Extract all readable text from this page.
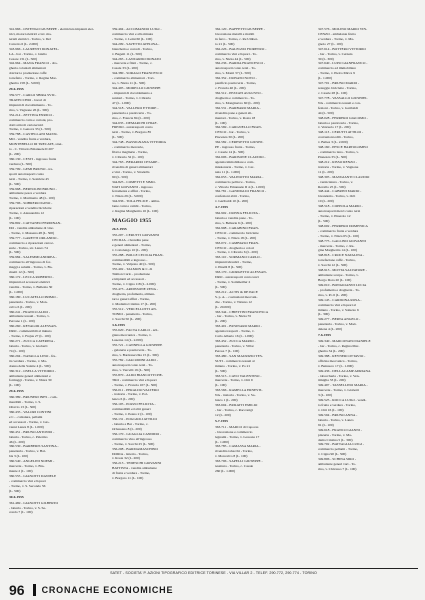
341.966 - OSTENGO GIUSEPPE - elettricista impianti elet-
trici, motori elettrici e lav. ma-
teriali elettrici - Torino, v. Del
Carretto 6 (L. 2.000)
343.966 - LAURENTI DONATEL-
LA - bar - Torino, c. Giulio
Cesare 131 (L. 500)
342.964 - MANA FRANCO - dro-
gheria coloniali alimentari
dolciari e produzione caffè
torrefatto - Torino, c. Regina Mar-
gherita 158 (L. 3.000)
29-6-1955
359.577 - CARLO SBIRA SVIC-
TRAVECCHIO - lavori di
impianti di riscaldamento - To-
rino, v. Vagnone 26 (L. 300)
352.214 - ZETTINA ENRICO -
commercio carta e cartoni, pro-
dotti articoli cartotecnici
Torino, v. Genova 33 (L. 500)
359.788 - CASTELLANI MASSI-
MO - vendita frutta e verdura,
MONTEBELLO DI TRECATE, stret-
to - C. Vittorio Emanuele II 207
(L. 200)
360.130 - CESTI - ingrosso frutta
verdura (L. 500)
359.799 - GEMI BRUNO - tra-
sporti autotrasporti conto
terzi - Torino, v. Sestrière 45
(L. 500)
359.968 - BERTOLINI BRUNO -
ambulante pesce e verdura
Torino, v. Martinetto 48 (L. 100)
359.796 - SOBRERO IGINO -
riparazioni e vendita biciclette
Torino, v. Alessandria 12
(L. 100)
359.802 - CATTANEO FERDINAN-
DO - vendita ambulante di vino
- Torino, v. Massena 48 (L. 500)
359.777 - GARETTI ORLANDO -
commercio e riparazioni carroz-
zerie - Torino, str. Lanzo 74
(L. 500)
359.984 - SALEMMI ANDREA -
commercio all'ingrosso di for-
maggi e salumi - Torino, v. Ba-
rinetti 12 (L. 500)
360.172 - LECCA ROBERTO -
impianti ed accessori elettrici
vendita - Torino, v. Bellezia 30
(L. 1.000)
360.180 - LUCATELLO PRIMO -
panetteria - Torino, v. Mon-
calvo 6 (L. 200)
360.241 - FRANCO ALDO -
ambulante tessuti - Torino, v.
Perrone 1 (L. 100)
360.260 - REVALOR ALESSAN-
DRO - commestibili al minuto
- Torino, v. Frejus 27 (L. 100)
360.271 - ZUCCA CATERINA -
latteria - Torino, v. Gioberti
74 (L. 100)
360.294 - NATALLA LINO - fru-
tta verdura - Torino, v. Ma-
donna della Salette 4 (L. 500)
360.312 - OSELLA VITTORIO -
ambulante generi alimentari e
formaggi - Torino, v. Nizza 30
(L. 100)
29-6-1955
360.389 - BRUNERI INES - com-
mestibili - Torino, v. S.
Ottavio 13 (L. 500)
360.435 - VALORI CONTINI
e C. - calzature, pellami
ed accessori - Torino, v. Gio-
vanni Lanza 8 (L. 1.000)
360.451 - BRUNO ANTONIO -
latteria - Torino, c. Palermo
46 (L. 200)
360.530 - BARBERIS SANTINA -
panetteria - Torino, v. Bal-
bis 3 (L. 100)
360.540 - ANGELINI NOEMI -
mercerie - Torino, v. Bra-
mante 2 (L. 100)
360.555 - GIANOTTI DANIELE
- commercio vini e liquori
- Torino, v. S. Secondo 56
(L. 500)
30-6-1955
361.469 - GIANOTTI GILBERTO
- latteria - Torino, v. S. Se-
condo 7 (L. 100)
359.494 - ACCOMANDO LUIGI -
commercio vini e alla minuta
- Torino, v. Leini 60 (L. 100)
344.209 - SAVETTO AVELINA -
biancheria e corredi - Torino,
v. Bagetti 11 (L. 500)
344.265 - LANZARDO DONATO
- mercerie e filati - Torino, c.
Casale 33 (L. 200)
344.380 - SORAGO FRANCESCO
- commercio alimentari - Tori-
no, v. Nizza 11 (L. 500)
344.495 - MORELLO GIUSEPPE
- impianti di riscaldamento e
sanitari - Torino, v. Cibrario
47 (L. 1.000)
344.518 - VALLERO ETTORE -
panetteria e pasticceria - To-
rino, c. Francia 84 (L. 200)
344.635 - DEMARCHI CHIAF-
FREDO - autotrasporti conto
terzi - Torino, v. Borgaro 85
(L. 500)
344.748 - BASSIGNANA VITTORIA
- commercio mercerie,
filati e maglierie - Torino,
v. Cibrario 32 (L. 100)
344.763 - BERARDO CESARE -
rivendita di generi alimentari
e vini - Torino, v. Stradella
90 (L. 500)
344.825 - COMETTI E SIMO-
NATI GIOVANNI - ingrosso
ferramenta e affini - Torino,
v. Nizza 29 (L. 3.000)
344.936 - TOLA FELICE - ambu-
lante carni e cambi - Torino,
c. Regina Margherita 16 (L. 100)
MAGGIO 1955
26-5-1955
355.207 - CERUTTI GIOVANNI
CECILIA - rivendita pane
e generi alimentari - Torino,
v. Cottolengo 10 (L. 200)
355.288 - BOLLE CECILIA FRAN-
commestibili e ingrosso -
Torino, v. Valprato 40 (L. 500)
355.402 - TALMON & C. di
Talmon Carlo - produzione
e impianti ed accessori -
Torino, v. Cigna 118 (L. 2.000)
355.473 - ARDISSONE ZENA -
drogheria, profumeria, alimen-
tari e generi affini - Torino,
v. Madama Cristina 17 (L. 200)
355.512 - VERCELLOTTI AN-
TONIO - panetteria - Torino,
v. Sacchi 50 (L. 200)
3-6-1955
355.620 - FACTA CARLO - arti-
giana meccanica - Torino, v.
Luserna 14 (L. 2.000)
355.721 - CANNELLA GIUSEPPE
- gelateria e pasticceria - To-
rino, v. Bardonecchia 15 (L. 300)
355.782 - GIACOMINI ALDO -
autotrasporti conto terzi - To-
rino, v. Vercelli 19 (L. 500)
355.870 - ALDO BIANCOTTI PIE-
TRO - commercio vini e liquori
- Torino, c. Francia 107 (L. 500)
356.011 - PERALDO VALTERO
- trattoria - Torino, v. Pol-
lenzo 6 (L. 200)
356.105 - POZZO FELICITA -
commestibili ed altri generi
- Torino, v. Peano 2 (L. 100)
356.131 - POGGIOLI ATTILIO
- latteria e Bar - Torino, c.
Orbassano 8 (L. 200)
356.170 - GUAGLIA CANDIDO -
commercio vino all'ingrosso
- Torino, v. Sacchi 25 (L. 500)
356.208 - BARMAMASCHINO
DORIA - latteria - Torino,
v. Rosta 32 (L. 200)
356.213 - TEDESCHI GIOVANNI
BATTISTA - vendita ambulante
di frutta e verdura - Torino,
v. Borgaro 11 (L. 100)
362.120 - BAFFETTI GIUSEPPE -
lavorazione metalli e mobili
in ferro - Torino, c. Re Umber-
to 21 (L. 500)
362.226 - BALEGNO FIORENZO -
commercio vini e liquori - To-
rino, v. Nizza 44 (L. 500)
362.236 - BARDA FRANCESCO -
autotrasporti conto terzi - To-
rino, v. Monti 37 (L. 500)
362.352 - DONATO NOVO -
panificio pasticceria - Torino,
c. Francia 40 (L. 200)
362.512 - PEZZATI AUGUSTO -
drogheria e commercio - To-
rino, v. Monginevro 60 (L. 200)
362.531 - BARBARO MARIA -
rivendita pane e generi ali-
mentari - Torino, v. Rosta 18
(L. 100)
362.569 - CARGNELLO FRAN-
CESCO - bar - Torino, v.
Piacenza 30 (L. 200)
362.582 - CERESETTO GIUSEP-
PE - ingrosso frutta - Torino,
c. Casale 14 (L. 500)
362.606 - BARISONE CLAUDIO -
agenzia immobiliare e com-
missionaria - Torino, v. Cer-
naia 11 (L. 1.000)
362.653 - VALINOTTO MARIA -
commercio pellicce - Torino,
c. Vittorio Emanuele II 4 (L. 1.000)
362.781 - GANDIGLIO FRANCO -
confezioni abiti - Torino,
v. Garibaldi 10 (L. 200)
4-7-1955
362.902 - DONNA FELICITA -
latteria e vendita pane - To-
rino, v. Bellezia 6 (L. 200)
362.998 - CARABINO FRAN-
CESCO - commercio biciclette
- Torino, v. Nizza 18 (L. 200)
363.072 - CAMBIASO FRAN-
CESCO - drogheria e colori
- Torino, v. Cibrario 6 (L. 200)
363.110 - SORMANO CARLO -
impianti idraulici - Torino,
v. Pinelli 8 (L. 500)
363.170 - GIORGETTO ALESSAN-
DRO - autotrasporti conto terzi
- Torino, v. Sommeiller 2
(L. 500)
363.212 - ACTIS & DE PACE
S. p. A. - costruzioni meccani-
che - Torino, v. Tiziano 12
(L. 20.000)
363.344 - CHIETTINI FRANCESCA
- bar - Torino, v. Nizza 55
(L. 200)
363.401 - BUSINARO MARIO -
agenzia trasporti - Torino, v.
Carlo Alberto 16 (L. 1.000)
363.452 - ZUCCA MARIO -
panetteria - Torino, v. Villar
Perosa 7 (L. 100)
363.480 - SAN MAURIZIO TES-
SUTI - commercio tessuti al
minuto - Torino, v. Po 21
(L. 500)
363.515 - CAVO VALENTINO -
mercerie - Torino, v. Orti 9
(L. 100)
363.566 - RAMELLA ERNESTI-
NA - trattoria - Torino, v. Sa-
luzzo 1 (L. 200)
363.604 - BURATTI EMILIO
- bar - Torino, c. Racconigi
12 (L. 200)
5-7-1955
363.711 - MARCO di Capocas
- lavorazione e commercio
legnami - Torino, v. Lessona 17
(L. 1.000)
363.785 - CAMASSA MARIA -
rivendita tabacchi - Torino,
v. Moncalvo 8 (L. 100)
363.796 - SAPELLI GIUSEPPE -
tessitura - Torino, c. Casale
260 (L. 1.000)
347.576 - MOLINO MARIO VIN-
CENZO - ambulante frutta
e verdura - Torino, v. Ma-
gnolo 27 (L. 100)
347.614 - BOTTERO VITTORIO
- bar - Torino, v. Cernaia
30 (L. 300)
347.640 - LUPO GIANFRANCO -
commercio ed immobiliare
- Torino, v. Pietro Micca 9
(L. 1.000)
347.701 - BRUNO MARIO -
noleggio biciclette - Torino,
c. Casale 28 (L. 100)
347.778 - VASSALLO GIUSEPPI-
NA - commercio tessuti e con-
fezioni - Torino, v. Garibaldi
44 (L. 500)
348.028 - FERRERO GIACOMO -
latteria e pasticceria - Torino,
v. Verzuolo 17 (L. 200)
348.113 - CERUTTI ATTILIO -
costruzioni edili - Torino,
v. Baltea 3 (L. 2.000)
348.160 - PESCE BARTOLOMEO
- commercio lana - Torino, v.
Pianezza 35 (L. 500)
348.212 - RISSO RENZO -
trattoria - Torino, v. Vagnone
11 (L. 200)
348.305 - MANGIANTI CLAUDIO
- verniciatura - Torino, v.
Revello 25 (L. 500)
348.444 - CABRINI MARIO -
lavanderia - Torino, v. Orti
10 (L. 200)
348.518 - COPPOLA MARIO -
autotrasporti merci conto terzi
- Torino, v. Pinerolo 12
(L. 500)
348.602 - FERRERO DOMENICA
- commercio frutta e verdura
- Torino, v. Nizza 65 (L. 100)
348.775 - GALLINO GIOVANNI
- mercerie - Torino, c. Re-
gina Margherita 14 (L. 100)
348.818 - CROCE NATALINA -
torrefazione caffè - Torino,
v. Sacchi 12 (L. 500)
348.913 - MOTTA SALVATORE -
ambulante scarpe - Torino, v.
Borgo Dora 20 (L. 100)
349.010 - BONGIOANNI LUCIA
- profumeria e drogheria - To-
rino, v. Po 6 (L. 200)
349.145 - CARDONA ROSA -
commercio vini e liquori al
minuto - Torino, v. Saluzzo 6
(L. 300)
349.277 - BERTA ANGELO -
panetteria - Torino, v. Mad-
dalena 4 (L. 200)
7-6-1955
349.340 - MARCONATO DANIELE
- bar - Torino, c. Regina Mar-
gherita 34 (L. 200)
349.388 - REYNERI OTTAVIO -
officina meccanica - Torino,
v. Beinasco 17 (L. 1.000)
349.436 - DELLACAMP ADRIANA
- tabaccheria - Torino, v. Ven-
timiglia 33 (L. 200)
349.497 - TASSELLINO MARIA -
mercerie - Torino, v. Gioberti
3 (L. 100)
349.525 - ROCCA LUIGI - vendi-
ta frutta e verdura - Torino,
v. Orti 16 (L. 100)
349.594 - BRUNO ANNA -
latteria - Torino, v. Lanzo
91 (L. 100)
349.618 - FRANCO GIANNI -
pizzeria - Torino, v. Ma-
dama Cristina 5 (L. 300)
349.702 - BATTAGLIA LUIGI -
commercio pellami - Torino,
v. Cigna 90 (L. 500)
349.806 - SCHINA SIRO -
ambulante generi vari - To-
rino, v. Chivasso 7 (L. 100)
SATET - SOCIETA' P. AZIONI TIPOGRAFICO EDITRICE TORINESE - VIA VILLAR 2 - TELEF. 290.772, 290.774 - TORINO
96 CRONACHE ECONOMICHE
